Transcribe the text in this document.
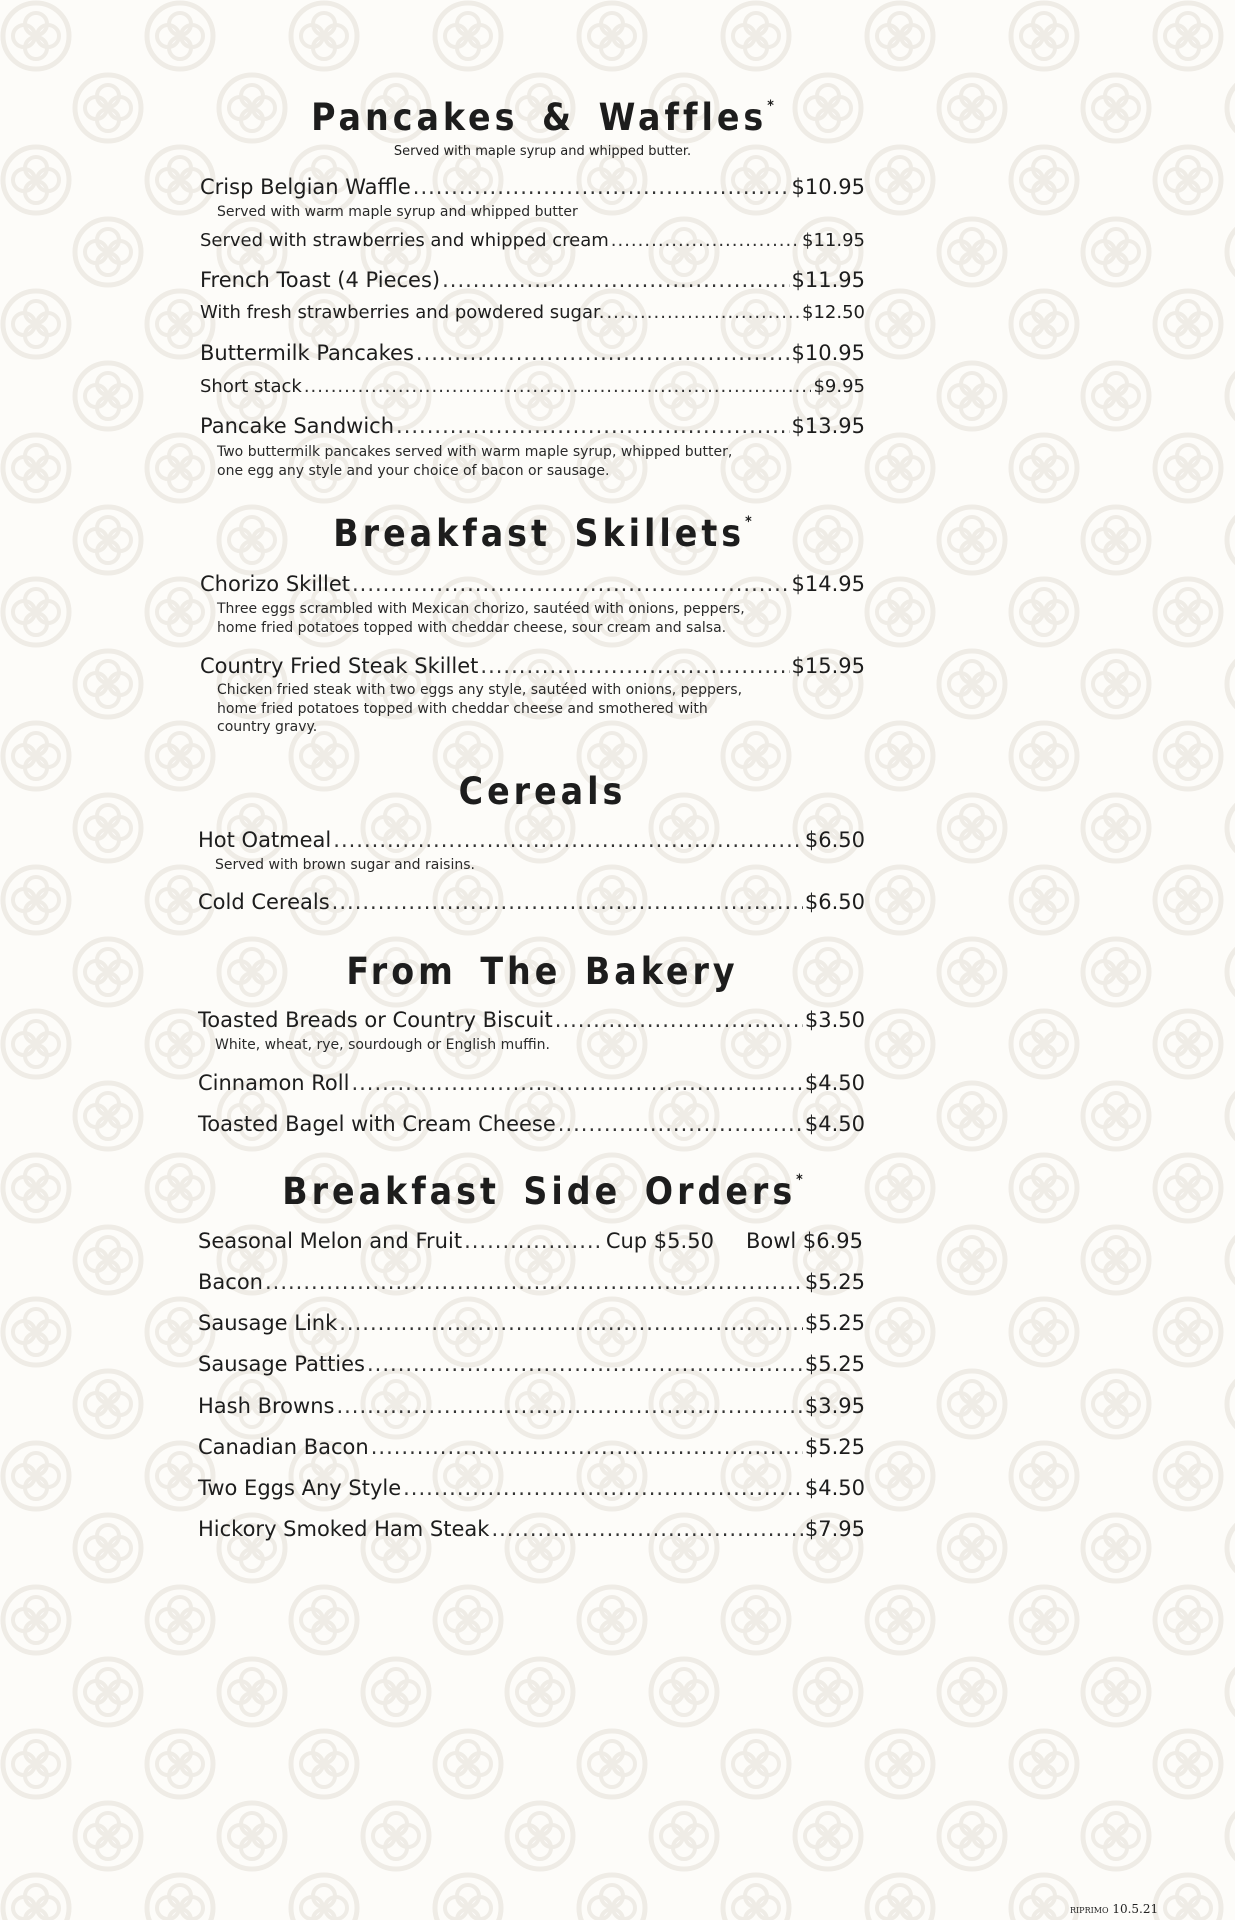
Pancakes & Waffles*
Served with maple syrup and whipped butter.
Crisp Belgian Waffle .....	$10.95
Served with warm maple syrup and whipped butter
Served with strawberries and whipped cream .....	$11.95
French Toast (4 Pieces) .....	$11.95
With fresh strawberries and powdered sugar. .....	$12.50
Buttermilk Pancakes .....	$10.95
Short stack .....	$9.95
Pancake Sandwich .....	$13.95
Two buttermilk pancakes served with warm maple syrup, whipped butter,
one egg any style and your choice of bacon or sausage.
Breakfast Skillets*
Chorizo Skillet .....	$14.95
Three eggs scrambled with Mexican chorizo, sautéed with onions, peppers,
home fried potatoes topped with cheddar cheese, sour cream and salsa.
Country Fried Steak Skillet .....	$15.95
Chicken fried steak with two eggs any style, sautéed with onions, peppers,
home fried potatoes topped with cheddar cheese and smothered with
country gravy.
Cereals
Hot Oatmeal .....	$6.50
Served with brown sugar and raisins.
Cold Cereals .....	$6.50
From The Bakery
Toasted Breads or Country Biscuit .....	$3.50
White, wheat, rye, sourdough or English muffin.
Cinnamon Roll .....	$4.50
Toasted Bagel with Cream Cheese .....	$4.50
Breakfast Side Orders*
Seasonal Melon and Fruit .....	Cup $5.50 Bowl $6.95
Bacon .....	$5.25
Sausage Link .....	$5.25
Sausage Patties .....	$5.25
Hash Browns .....	$3.95
Canadian Bacon .....	$5.25
Two Eggs Any Style .....	$4.50
Hickory Smoked Ham Steak .....	$7.95
RIPRIMO 10.5.21
